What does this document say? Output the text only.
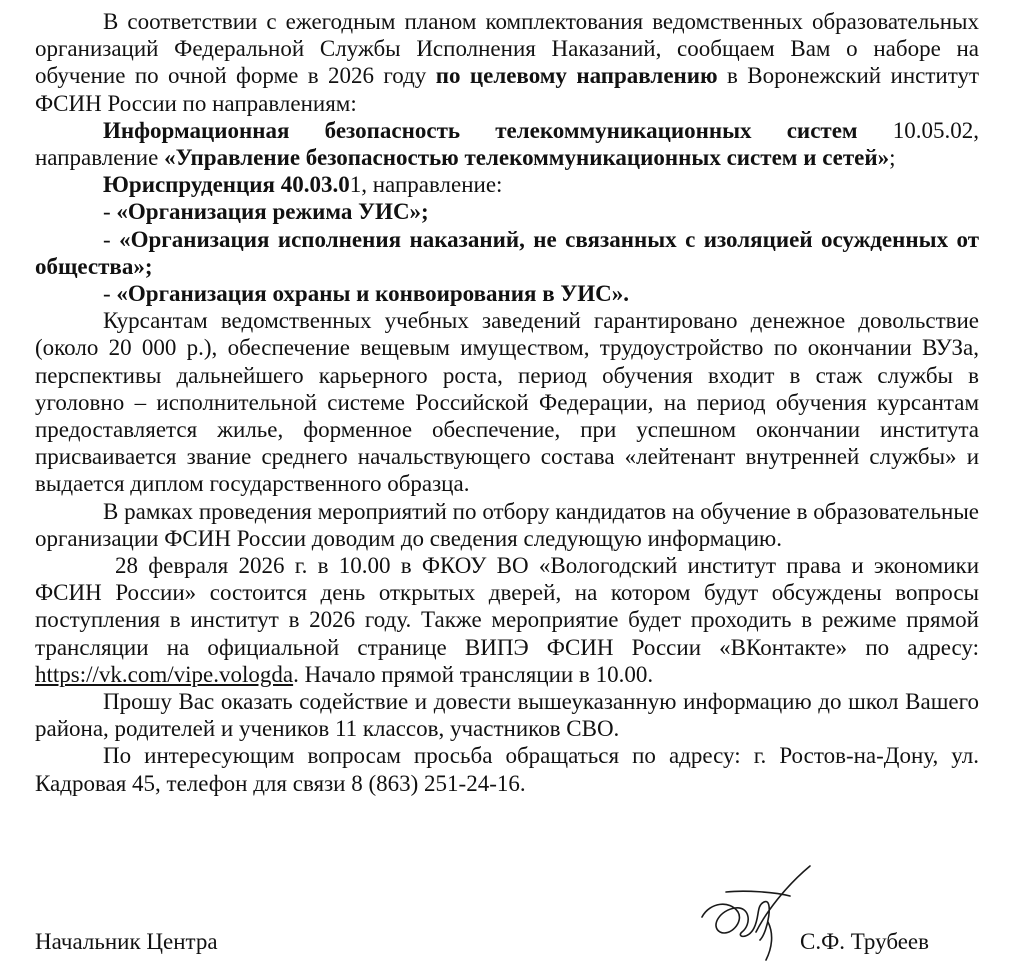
В соответствии с ежегодным планом комплектования ведомственных образовательных организаций Федеральной Службы Исполнения Наказаний, сообщаем Вам о наборе на обучение по очной форме в 2026 году по целевому направлению в Воронежский институт ФСИН России по направлениям:

Информационная безопасность телекоммуникационных систем 10.05.02, направление «Управление безопасностью телекоммуникационных систем и сетей»;

Юриспруденция 40.03.01, направление:

- «Организация режима УИС»;

- «Организация исполнения наказаний, не связанных с изоляцией осужденных от общества»;

- «Организация охраны и конвоирования в УИС».

Курсантам ведомственных учебных заведений гарантировано денежное довольствие (около 20 000 р.), обеспечение вещевым имуществом, трудоустройство по окончании ВУЗа, перспективы дальнейшего карьерного роста, период обучения входит в стаж службы в уголовно – исполнительной системе Российской Федерации, на период обучения курсантам предоставляется жилье, форменное обеспечение, при успешном окончании института присваивается звание среднего начальствующего состава «лейтенант внутренней службы» и выдается диплом государственного образца.

В рамках проведения мероприятий по отбору кандидатов на обучение в образовательные организации ФСИН России доводим до сведения следующую информацию.

28 февраля 2026 г. в 10.00 в ФКОУ ВО «Вологодский институт права и экономики ФСИН России» состоится день открытых дверей, на котором будут обсуждены вопросы поступления в институт в 2026 году. Также мероприятие будет проходить в режиме прямой трансляции на официальной странице ВИПЭ ФСИН России «ВКонтакте» по адресу: https://vk.com/vipe.vologda. Начало прямой трансляции в 10.00.

Прошу Вас оказать содействие и довести вышеуказанную информацию до школ Вашего района, родителей и учеников 11 классов, участников СВО.

По интересующим вопросам просьба обращаться по адресу: г. Ростов-на-Дону, ул. Кадровая 45, телефон для связи 8 (863) 251-24-16.

Начальник Центра	С.Ф. Трубеев
